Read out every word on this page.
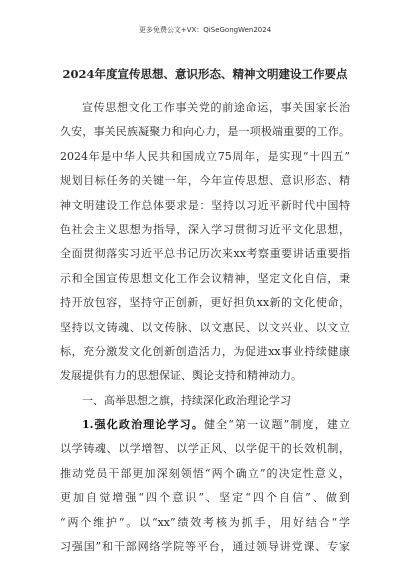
更多免费公文+VX：QiSeGongWen2024
2024年度宣传思想、意识形态、精神文明建设工作要点
宣传思想文化工作事关党的前途命运，事关国家长治
久安，事关民族凝聚力和向心力，是一项极端重要的工作。
2024年是中华人民共和国成立75周年，是实现“十四五”
规划目标任务的关键一年，今年宣传思想、意识形态、精
神文明建设工作总体要求是：坚持以习近平新时代中国特
色社会主义思想为指导，深入学习贯彻习近平文化思想，
全面贯彻落实习近平总书记历次来xx考察重要讲话重要指
示和全国宣传思想文化工作会议精神，坚定文化自信，秉
持开放包容，坚持守正创新，更好担负xx新的文化使命，
坚持以文铸魂、以文传脉、以文惠民、以文兴业、以文立
标，充分激发文化创新创造活力，为促进xx事业持续健康
发展提供有力的思想保证、舆论支持和精神动力。
一、高举思想之旗，持续深化政治理论学习
1.强化政治理论学习。健全“第一议题”制度，建立
以学铸魂、以学增智、以学正风、以学促干的长效机制，
推动党员干部更加深刻领悟“两个确立”的决定性意义，
更加自觉增强“四个意识”、坚定“四个自信”、做到
“两个维护”。以“xx”绩效考核为抓手，用好结合“学
习强国”和干部网络学院等平台，通过领导讲党课、专家
